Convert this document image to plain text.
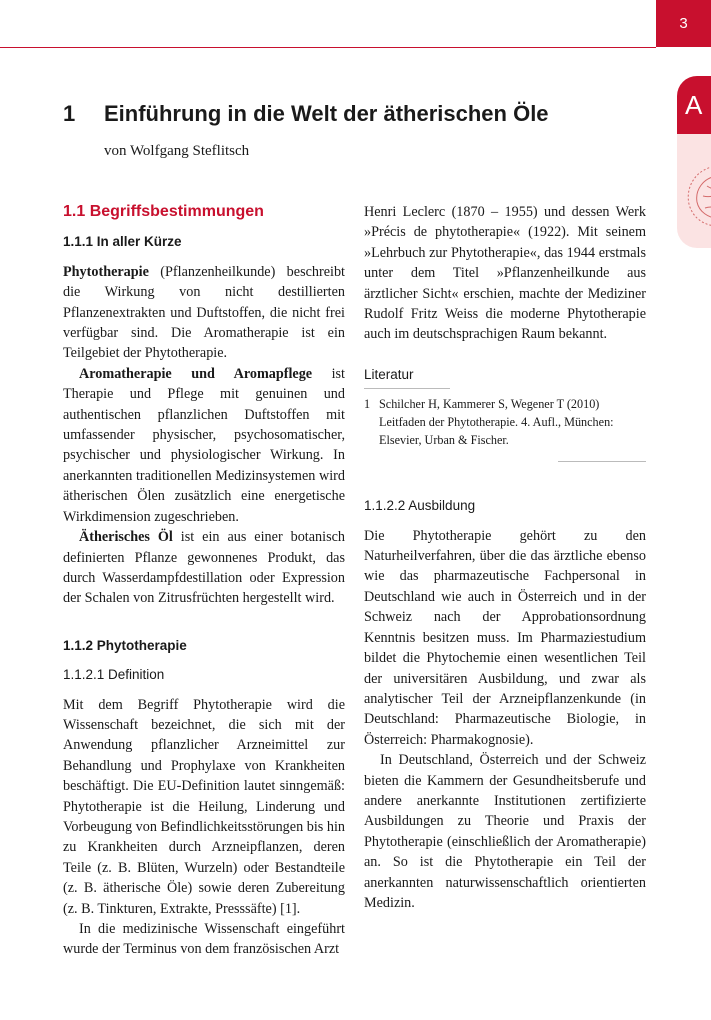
3
A
1 Einführung in die Welt der ätherischen Öle
von Wolfgang Steflitsch
1.1 Begriffsbestimmungen
1.1.1 In aller Kürze

Phytotherapie (Pflanzenheilkunde) beschreibt die Wirkung von nicht destillierten Pflanzenextrakten und Duftstoffen, die nicht frei verfügbar sind. Die Aromatherapie ist ein Teilgebiet der Phytotherapie.

Aromatherapie und Aromapflege ist Therapie und Pflege mit genuinen und authentischen pflanzlichen Duftstoffen mit umfassender physischer, psychosomatischer, psychischer und physiologischer Wirkung. In anerkannten traditionellen Medizinsystemen wird ätherischen Ölen zusätzlich eine energetische Wirkdimension zugeschrieben.

Ätherisches Öl ist ein aus einer botanisch definierten Pflanze gewonnenes Produkt, das durch Wasserdampfdestillation oder Expression der Schalen von Zitrusfrüchten hergestellt wird.

1.1.2 Phytotherapie
1.1.2.1 Definition

Mit dem Begriff Phytotherapie wird die Wissenschaft bezeichnet, die sich mit der Anwendung pflanzlicher Arzneimittel zur Behandlung und Prophylaxe von Krankheiten beschäftigt. Die EU-Definition lautet sinngemäß: Phytotherapie ist die Heilung, Linderung und Vorbeugung von Befindlichkeitsstörungen bis hin zu Krankheiten durch Arzneipflanzen, deren Teile (z. B. Blüten, Wurzeln) oder Bestandteile (z. B. ätherische Öle) sowie deren Zubereitung (z. B. Tinkturen, Extrakte, Presssäfte) [1].

In die medizinische Wissenschaft eingeführt wurde der Terminus von dem französischen Arzt

Henri Leclerc (1870 – 1955) und dessen Werk »Précis de phytotherapie« (1922). Mit seinem »Lehrbuch zur Phytotherapie«, das 1944 erstmals unter dem Titel »Pflanzenheilkunde aus ärztlicher Sicht« erschien, machte der Mediziner Rudolf Fritz Weiss die moderne Phytotherapie auch im deutschsprachigen Raum bekannt.

Literatur
1 Schilcher H, Kammerer S, Wegener T (2010) Leitfaden der Phytotherapie. 4. Aufl., München: Elsevier, Urban & Fischer.
1.1.2.2 Ausbildung

Die Phytotherapie gehört zu den Naturheilverfahren, über die das ärztliche ebenso wie das pharmazeutische Fachpersonal in Deutschland wie auch in Österreich und in der Schweiz nach der Approbationsordnung Kenntnis besitzen muss. Im Pharmaziestudium bildet die Phytochemie einen wesentlichen Teil der universitären Ausbildung, und zwar als analytischer Teil der Arzneipflanzenkunde (in Deutschland: Pharmazeutische Biologie, in Österreich: Pharmakognosie).

In Deutschland, Österreich und der Schweiz bieten die Kammern der Gesundheitsberufe und andere anerkannte Institutionen zertifizierte Ausbildungen zu Theorie und Praxis der Phytotherapie (einschließlich der Aromatherapie) an. So ist die Phytotherapie ein Teil der anerkannten naturwissenschaftlich orientierten Medizin.
